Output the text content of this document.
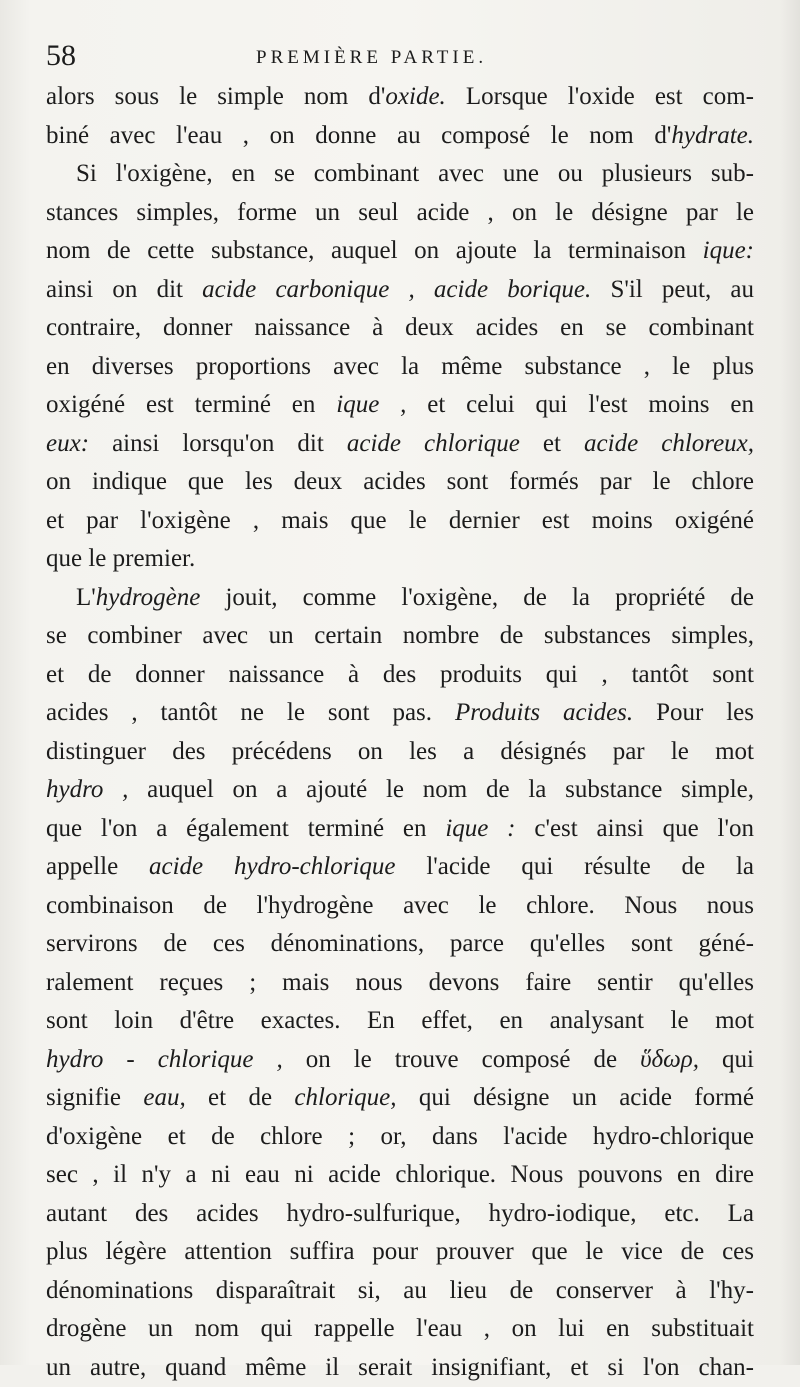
58	PREMIÈRE PARTIE.
alors sous le simple nom d'oxide. Lorsque l'oxide est com-
biné avec l'eau , on donne au composé le nom d'hydrate.
Si l'oxigène, en se combinant avec une ou plusieurs sub-
stances simples, forme un seul acide , on le désigne par le
nom de cette substance, auquel on ajoute la terminaison ique:
ainsi on dit acide carbonique , acide borique. S'il peut, au
contraire, donner naissance à deux acides en se combinant
en diverses proportions avec la même substance , le plus
oxigéné est terminé en ique , et celui qui l'est moins en
eux: ainsi lorsqu'on dit acide chlorique et acide chloreux,
on indique que les deux acides sont formés par le chlore
et par l'oxigène , mais que le dernier est moins oxigéné
que le premier.
L'hydrogène jouit, comme l'oxigène, de la propriété de
se combiner avec un certain nombre de substances simples,
et de donner naissance à des produits qui , tantôt sont
acides , tantôt ne le sont pas. Produits acides. Pour les
distinguer des précédens on les a désignés par le mot
hydro , auquel on a ajouté le nom de la substance simple,
que l'on a également terminé en ique : c'est ainsi que l'on
appelle acide hydro-chlorique l'acide qui résulte de la
combinaison de l'hydrogène avec le chlore. Nous nous
servirons de ces dénominations, parce qu'elles sont géné-
ralement reçues ; mais nous devons faire sentir qu'elles
sont loin d'être exactes. En effet, en analysant le mot
hydro - chlorique , on le trouve composé de ὕδωρ, qui
signifie eau, et de chlorique, qui désigne un acide formé
d'oxigène et de chlore ; or, dans l'acide hydro-chlorique
sec , il n'y a ni eau ni acide chlorique. Nous pouvons en dire
autant des acides hydro-sulfurique, hydro-iodique, etc. La
plus légère attention suffira pour prouver que le vice de ces
dénominations disparaîtrait si, au lieu de conserver à l'hy-
drogène un nom qui rappelle l'eau , on lui en substituait
un autre, quand même il serait insignifiant, et si l'on chan-
